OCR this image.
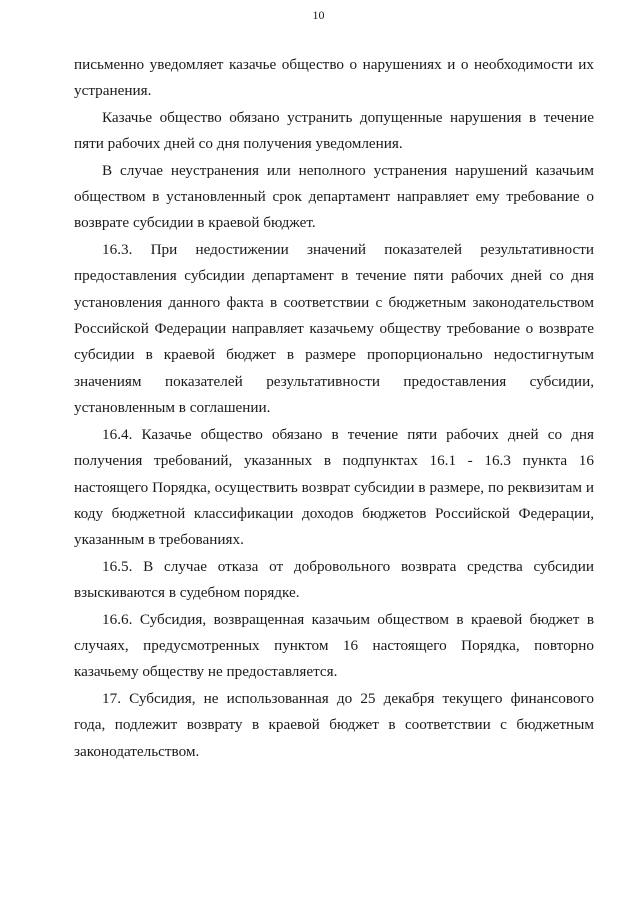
10

письменно уведомляет казачье общество о нарушениях и о необходимости их устранения.

Казачье общество обязано устранить допущенные нарушения в течение пяти рабочих дней со дня получения уведомления.

В случае неустранения или неполного устранения нарушений казачьим обществом в установленный срок департамент направляет ему требование о возврате субсидии в краевой бюджет.

16.3. При недостижении значений показателей результативности предоставления субсидии департамент в течение пяти рабочих дней со дня установления данного факта в соответствии с бюджетным законодательством Российской Федерации направляет казачьему обществу требование о возврате субсидии в краевой бюджет в размере пропорционально недостигнутым значениям показателей результативности предоставления субсидии, установленным в соглашении.

16.4. Казачье общество обязано в течение пяти рабочих дней со дня получения требований, указанных в подпунктах 16.1 - 16.3 пункта 16 настоящего Порядка, осуществить возврат субсидии в размере, по реквизитам и коду бюджетной классификации доходов бюджетов Российской Федерации, указанным в требованиях.

16.5. В случае отказа от добровольного возврата средства субсидии взыскиваются в судебном порядке.

16.6. Субсидия, возвращенная казачьим обществом в краевой бюджет в случаях, предусмотренных пунктом 16 настоящего Порядка, повторно казачьему обществу не предоставляется.

17. Субсидия, не использованная до 25 декабря текущего финансового года, подлежит возврату в краевой бюджет в соответствии с бюджетным законодательством.
